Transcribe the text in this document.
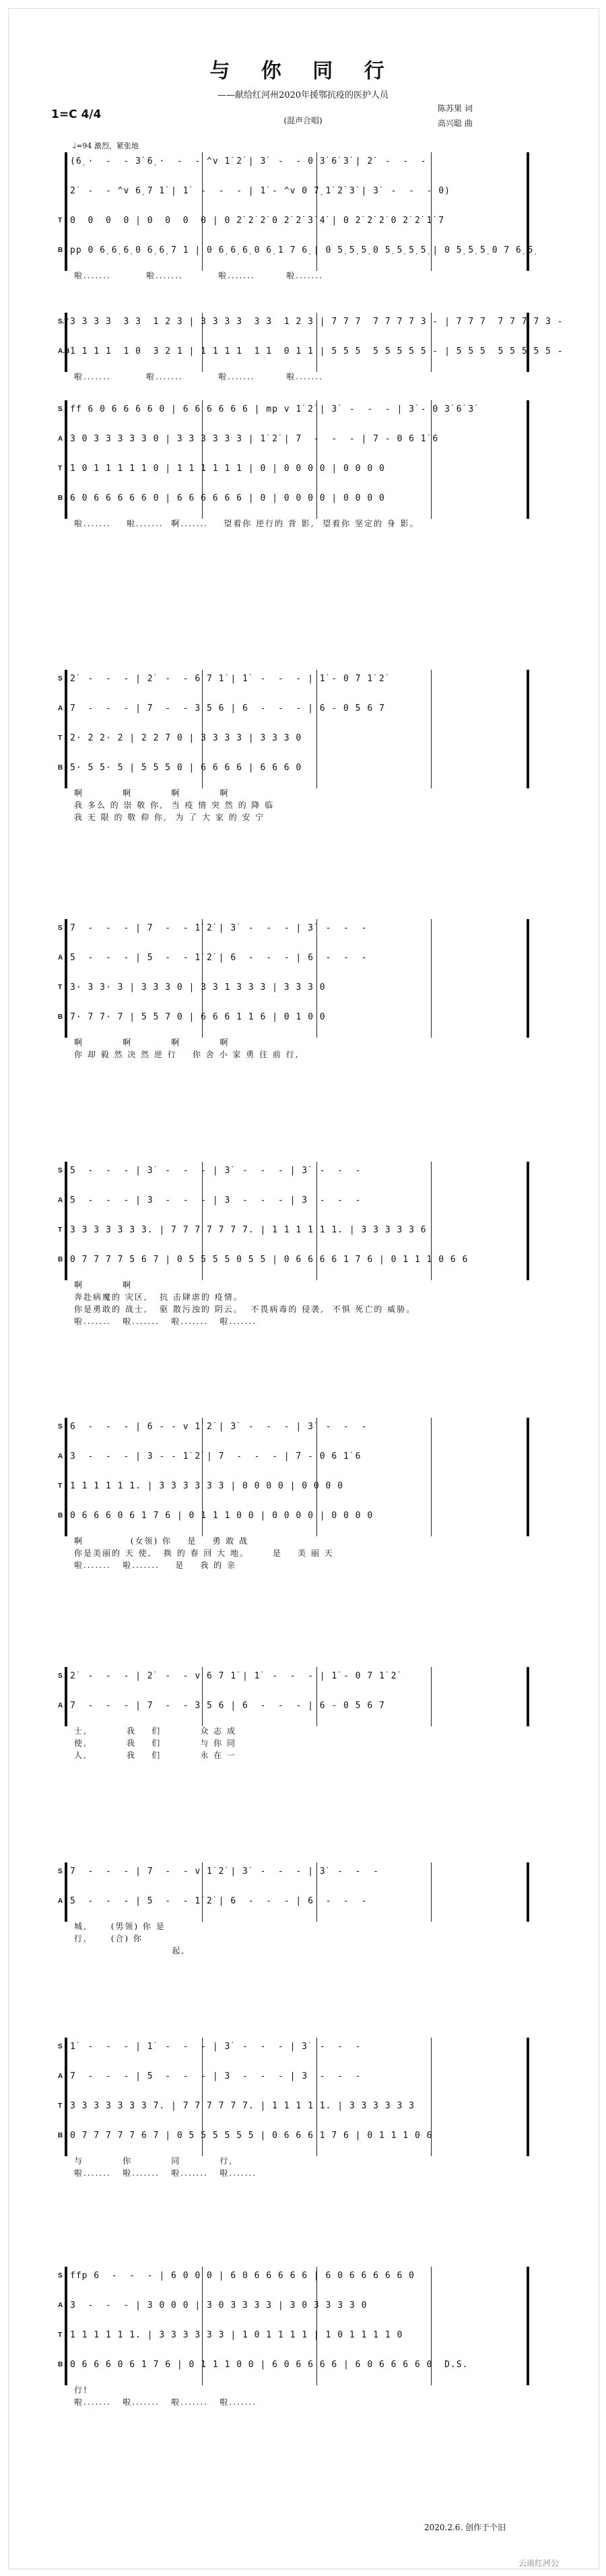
与 你 同 行
——献给红河州2020年援鄂抗疫的医护人员
陈苏果 词
高兴聪 曲
1=C 4/4	(混声合唱)
♩=94 激烈、紧张地
2020.2.6. 创作于个旧
云南红河公
(6̣ ·  -  - 3̇ 6̣ ·  -  - ^v 1̇ 2̇ | 3̇  -  - 0 3̇ 6̇ 3̇ | 2̇  -  -  -
2̇  -  - ^v 6̣ 7 1̇ | 1̇  -  -  - | 1̇ - ^v 0 7̣ 1̇ 2̇ 3̇ | 3̇  -  -  - 0)
T 0  0  0  0 | 0  0  0  0 | 0 2̇ 2̇ 2̇ 0 2̇ 2̇ 3̇ 4̇ | 0 2̇ 2̇ 2̇ 0 2̇ 2̇ 1̇ 7
B pp 0 6̣ 6̣ 6̣ 0 6̣ 6̣ 7 1 | 0 6̣ 6̣ 6̣ 0 6̣ 1 7 6̣ | 0 5̣ 5̣ 5̣ 0 5̣ 5̣ 5̣ 5̣ | 0 5̣ 5̣ 5̣ 0 7 6̣ 5̣
啦.......         啦.......         啦.......        啦.......
S.T 3 3 3 3  3 3  1 2 3 | 3 3 3 3  3 3  1 2 3 | 7 7 7  7 7 7 7 3 - | 7 7 7  7 7 7 7 3 -
A.B 1 1 1 1  1 0  3 2 1 | 1 1 1 1  1 1  0 1 1 | 5 5 5  5 5 5 5 5 - | 5 5 5  5 5 5 5 5 -
啦.......         啦.......         啦.......        啦.......
S ff 6 0 6 6 6 6 0 | 6 6 6 6 6 6 | mp v 1̇ 2̇ | 3̇  -  -  - | 3̇ - 0 3̇ 6̇ 3̇
A 3 0 3 3 3 3 3 0 | 3 3 3 3 3 3 | 1̇ 2̇ | 7  -  -  - | 7 - 0 6 1̇ 6
T 1 0 1 1 1 1 1 0 | 1 1 1 1 1 1 | 0 | 0 0 0 0 | 0 0 0 0
B 6 0 6 6 6 6 6 0 | 6 6 6 6 6 6 | 0 | 0 0 0 0 | 0 0 0 0
啦.......    啦.......  啊.......    望着你 逆行的 背 影,  望着你 坚定的 身 影。
S 2̇  -  -  - | 2̇  -  - 6 7 1̇ | 1̇  -  -  - | 1̇ - 0 7 1̇ 2̇
A 7  -  -  - | 7  -  - 3 5 6 | 6  -  -  - | 6 - 0 5 6 7
T 2· 2 2· 2 | 2 2 7 0 | 3 3 3 3 | 3 3 3 0
B 5· 5 5· 5 | 5 5 5 0 | 6 6 6 6 | 6 6 6 0
啊          啊          啊          啊
我 多么 的 崇 敬 你,  当 疫 情 突 然 的 降 临
我 无 限 的 敬 仰 你,  为 了 大 家 的 安 宁
S 7  -  -  - | 7  -  - 1̇ 2̇ | 3̇  -  -  - | 3̇  -  -  -
A 5  -  -  - | 5  -  - 1̇ 2̇ | 6  -  -  - | 6  -  -  -
T 3· 3 3· 3 | 3 3 3 0 | 3 3 1 3 3 3 | 3 3 3 0
B 7· 7 7· 7 | 5 5 7 0 | 6 6 6 1 1 6 | 0 1 0 0
啊          啊          啊          啊
你 却 毅 然 决 然 逆 行    你 舍 小 家 勇 往 前 行,
S 5  -  -  - | 3̇  -  -  - | 3̇  -  -  - | 3̇  -  -  -
A 5  -  -  - | 3  -  -  - | 3  -  -  - | 3  -  -  -
T 3 3 3 3 3 3 3. | 7 7 7 7 7 7 7. | 1 1 1 1 1 1. | 3 3 3 3 3 6
B 0 7 7 7 7 5 6 7 | 0 5 5 5 5 0 5 5 | 0 6 6 6 6 1 7 6 | 0 1 1 1 0 6 6
啊          啊
奔赴病魔的 灾区,   抗 击肆虐的 疫情。
你是勇敢的 战士,   驱 散污浊的 阴云。  不畏病毒的 侵袭,  不惧 死亡的 威胁。
啦.......   啦.......   啦.......   啦.......
S 6  -  -  - | 6 - - v 1̇ 2̇ | 3̇  -  -  - | 3̇  -  -  -
A 3  -  -  - | 3 - - 1̇ 2̇ | 7  -  -  - | 7 - 0 6 1̇ 6
T 1 1 1 1 1 1. | 3 3 3 3 3 3 | 0 0 0 0 | 0 0 0 0
B 0 6 6 6 0 6 1 7 6 | 0 1 1 1 0 0 | 0 0 0 0 | 0 0 0 0
啊            (女领) 你    是    勇 敢 战
你是美丽的 天 使,   换 的 春 回 大 地。      是    美 丽 天
啦.......   啦.......    是    我 的 亲
S 2̇  -  -  - | 2̇  -  - v 6 7 1̇ | 1̇  -  -  - | 1̇ - 0 7 1̇ 2̇
A 7  -  -  - | 7  -  - 3 5 6 | 6  -  -  - | 6 - 0 5 6 7
士,          我    们          众 志 成
使,          我    们          与 你 同
人,          我    们          永 在 一
S 7  -  -  - | 7  -  - v 1̇ 2̇ | 3̇  -  -  - | 3̇  -  -  -
A 5  -  -  - | 5  -  - 1̇ 2̇ | 6  -  -  - | 6  -  -  -
城,      (男领) 你 是
行,      (合) 你
起,
S 1̇  -  -  - | 1̇  -  -  - | 3̇  -  -  - | 3̇  -  -  -
A 7  -  -  - | 5  -  -  - | 3  -  -  - | 3  -  -  -
T 3 3 3 3 3 3 3 7. | 7 7 7 7 7 7. | 1 1 1 1 1. | 3 3 3 3 3 3
B 0 7 7 7 7 7 6 7 | 0 5 5 5 5 5 5 | 0 6 6 6 1 7 6 | 0 1 1 1 0 6
与          你          同          行,
啦.......   啦.......   啦.......   啦.......
S ffp 6  -  -  - | 6 0 0 0 | 6 0 6 6 6 6 6 | 6 0 6 6 6 6 6 0
A 3  -  -  - | 3 0 0 0 | 3 0 3 3 3 3 | 3 0 3 3 3 3 0
T 1 1 1 1 1 1. | 3 3 3 3 3 3 | 1 0 1 1 1 1 | 1 0 1 1 1 1 0
B 0 6 6 6 0 6 1 7 6 | 0 1 1 1 0 0 | 6 0 6 6 6 6 | 6 0 6 6 6 6 0  D.S.
行!
啦.......   啦.......   啦.......   啦.......
